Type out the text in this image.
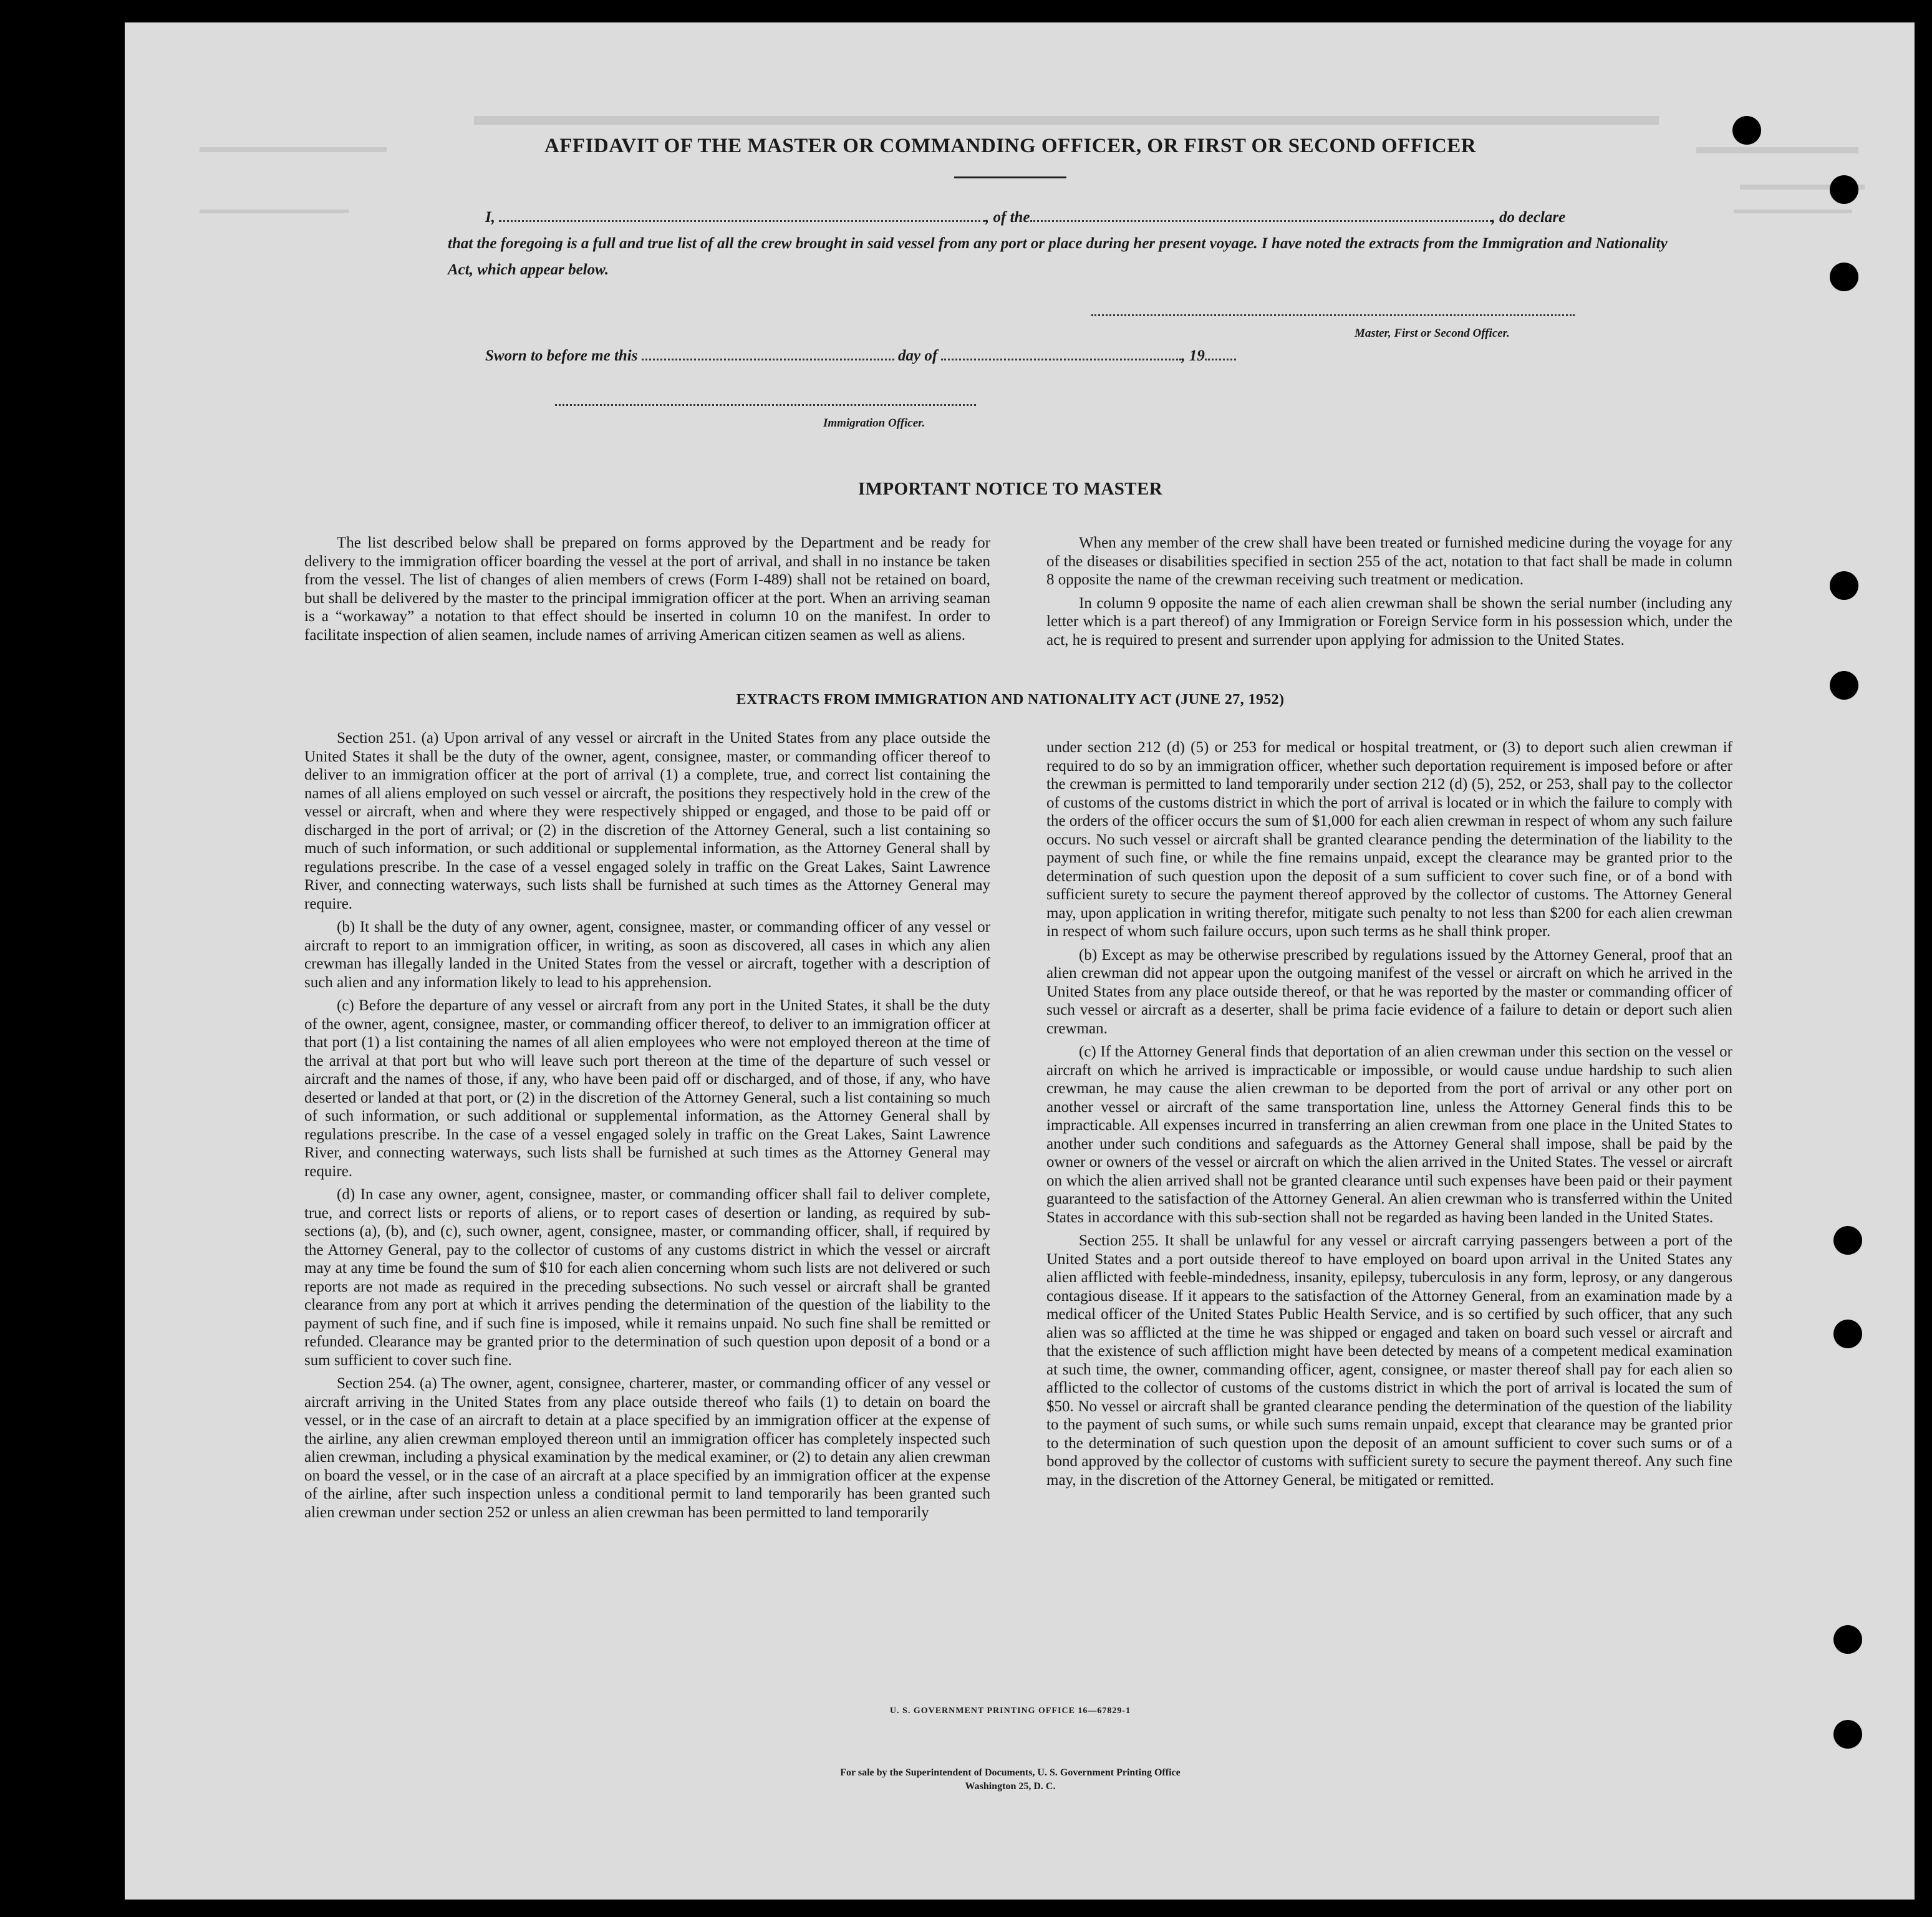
AFFIDAVIT OF THE MASTER OR COMMANDING OFFICER, OR FIRST OR SECOND OFFICER
I,	, of the	, do declare
that the foregoing is a full and true list of all the crew brought in said vessel from any port or place during her present voyage. I have noted the extracts from the Immigration and Nationality Act, which appear below.
Master, First or Second Officer.
Sworn to before me this	day of	, 19
Immigration Officer.
IMPORTANT NOTICE TO MASTER

The list described below shall be prepared on forms approved by the Department and be ready for delivery to the immigration officer boarding the vessel at the port of arrival, and shall in no instance be taken from the vessel. The list of changes of alien members of crews (Form I-489) shall not be retained on board, but shall be delivered by the master to the principal immigration officer at the port. When an arriving seaman is a “workaway” a notation to that effect should be inserted in column 10 on the manifest. In order to facilitate inspection of alien seamen, include names of arriving American citizen seamen as well as aliens.

When any member of the crew shall have been treated or furnished medicine during the voyage for any of the diseases or disabilities specified in section 255 of the act, notation to that fact shall be made in column 8 opposite the name of the crewman receiving such treatment or medication.

In column 9 opposite the name of each alien crewman shall be shown the serial number (including any letter which is a part thereof) of any Immigration or Foreign Service form in his possession which, under the act, he is required to present and surrender upon applying for admission to the United States.

EXTRACTS FROM IMMIGRATION AND NATIONALITY ACT (JUNE 27, 1952)

Section 251. (a) Upon arrival of any vessel or aircraft in the United States from any place outside the United States it shall be the duty of the owner, agent, consignee, master, or commanding officer thereof to deliver to an immigration officer at the port of arrival (1) a complete, true, and correct list containing the names of all aliens employed on such vessel or aircraft, the positions they respectively hold in the crew of the vessel or aircraft, when and where they were respectively shipped or engaged, and those to be paid off or discharged in the port of arrival; or (2) in the discretion of the Attorney General, such a list containing so much of such information, or such additional or supplemental information, as the Attorney General shall by regulations prescribe. In the case of a vessel engaged solely in traffic on the Great Lakes, Saint Lawrence River, and connecting waterways, such lists shall be furnished at such times as the Attorney General may require.

(b) It shall be the duty of any owner, agent, consignee, master, or commanding officer of any vessel or aircraft to report to an immigration officer, in writing, as soon as discovered, all cases in which any alien crewman has illegally landed in the United States from the vessel or aircraft, together with a description of such alien and any information likely to lead to his apprehension.

(c) Before the departure of any vessel or aircraft from any port in the United States, it shall be the duty of the owner, agent, consignee, master, or commanding officer thereof, to deliver to an immigration officer at that port (1) a list containing the names of all alien employees who were not employed thereon at the time of the arrival at that port but who will leave such port thereon at the time of the departure of such vessel or aircraft and the names of those, if any, who have been paid off or discharged, and of those, if any, who have deserted or landed at that port, or (2) in the discretion of the Attorney General, such a list containing so much of such information, or such additional or supplemental information, as the Attorney General shall by regulations prescribe. In the case of a vessel engaged solely in traffic on the Great Lakes, Saint Lawrence River, and connecting waterways, such lists shall be furnished at such times as the Attorney General may require.

(d) In case any owner, agent, consignee, master, or commanding officer shall fail to deliver complete, true, and correct lists or reports of aliens, or to report cases of desertion or landing, as required by sub-sections (a), (b), and (c), such owner, agent, consignee, master, or commanding officer, shall, if required by the Attorney General, pay to the collector of customs of any customs district in which the vessel or aircraft may at any time be found the sum of $10 for each alien concerning whom such lists are not delivered or such reports are not made as required in the preceding subsections. No such vessel or aircraft shall be granted clearance from any port at which it arrives pending the determination of the question of the liability to the payment of such fine, and if such fine is imposed, while it remains unpaid. No such fine shall be remitted or refunded. Clearance may be granted prior to the determination of such question upon deposit of a bond or a sum sufficient to cover such fine.

Section 254. (a) The owner, agent, consignee, charterer, master, or commanding officer of any vessel or aircraft arriving in the United States from any place outside thereof who fails (1) to detain on board the vessel, or in the case of an aircraft to detain at a place specified by an immigration officer at the expense of the airline, any alien crewman employed thereon until an immigration officer has completely inspected such alien crewman, including a physical examination by the medical examiner, or (2) to detain any alien crewman on board the vessel, or in the case of an aircraft at a place specified by an immigration officer at the expense of the airline, after such inspection unless a conditional permit to land temporarily has been granted such alien crewman under section 252 or unless an alien crewman has been permitted to land temporarily

under section 212 (d) (5) or 253 for medical or hospital treatment, or (3) to deport such alien crewman if required to do so by an immigration officer, whether such deportation requirement is imposed before or after the crewman is permitted to land temporarily under section 212 (d) (5), 252, or 253, shall pay to the collector of customs of the customs district in which the port of arrival is located or in which the failure to comply with the orders of the officer occurs the sum of $1,000 for each alien crewman in respect of whom any such failure occurs. No such vessel or aircraft shall be granted clearance pending the determination of the liability to the payment of such fine, or while the fine remains unpaid, except the clearance may be granted prior to the determination of such question upon the deposit of a sum sufficient to cover such fine, or of a bond with sufficient surety to secure the payment thereof approved by the collector of customs. The Attorney General may, upon application in writing therefor, mitigate such penalty to not less than $200 for each alien crewman in respect of whom such failure occurs, upon such terms as he shall think proper.

(b) Except as may be otherwise prescribed by regulations issued by the Attorney General, proof that an alien crewman did not appear upon the outgoing manifest of the vessel or aircraft on which he arrived in the United States from any place outside thereof, or that he was reported by the master or commanding officer of such vessel or aircraft as a deserter, shall be prima facie evidence of a failure to detain or deport such alien crewman.

(c) If the Attorney General finds that deportation of an alien crewman under this section on the vessel or aircraft on which he arrived is impracticable or impossible, or would cause undue hardship to such alien crewman, he may cause the alien crewman to be deported from the port of arrival or any other port on another vessel or aircraft of the same transportation line, unless the Attorney General finds this to be impracticable. All expenses incurred in transferring an alien crewman from one place in the United States to another under such conditions and safeguards as the Attorney General shall impose, shall be paid by the owner or owners of the vessel or aircraft on which the alien arrived in the United States. The vessel or aircraft on which the alien arrived shall not be granted clearance until such expenses have been paid or their payment guaranteed to the satisfaction of the Attorney General. An alien crewman who is transferred within the United States in accordance with this sub-section shall not be regarded as having been landed in the United States.

Section 255. It shall be unlawful for any vessel or aircraft carrying passengers between a port of the United States and a port outside thereof to have employed on board upon arrival in the United States any alien afflicted with feeble-mindedness, insanity, epilepsy, tuberculosis in any form, leprosy, or any dangerous contagious disease. If it appears to the satisfaction of the Attorney General, from an examination made by a medical officer of the United States Public Health Service, and is so certified by such officer, that any such alien was so afflicted at the time he was shipped or engaged and taken on board such vessel or aircraft and that the existence of such affliction might have been detected by means of a competent medical examination at such time, the owner, commanding officer, agent, consignee, or master thereof shall pay for each alien so afflicted to the collector of customs of the customs district in which the port of arrival is located the sum of $50. No vessel or aircraft shall be granted clearance pending the determination of the question of the liability to the payment of such sums, or while such sums remain unpaid, except that clearance may be granted prior to the determination of such question upon the deposit of an amount sufficient to cover such sums or of a bond approved by the collector of customs with sufficient surety to secure the payment thereof. Any such fine may, in the discretion of the Attorney General, be mitigated or remitted.

U. S. GOVERNMENT PRINTING OFFICE 16—67829-1
For sale by the Superintendent of Documents, U. S. Government Printing Office
Washington 25, D. C.
